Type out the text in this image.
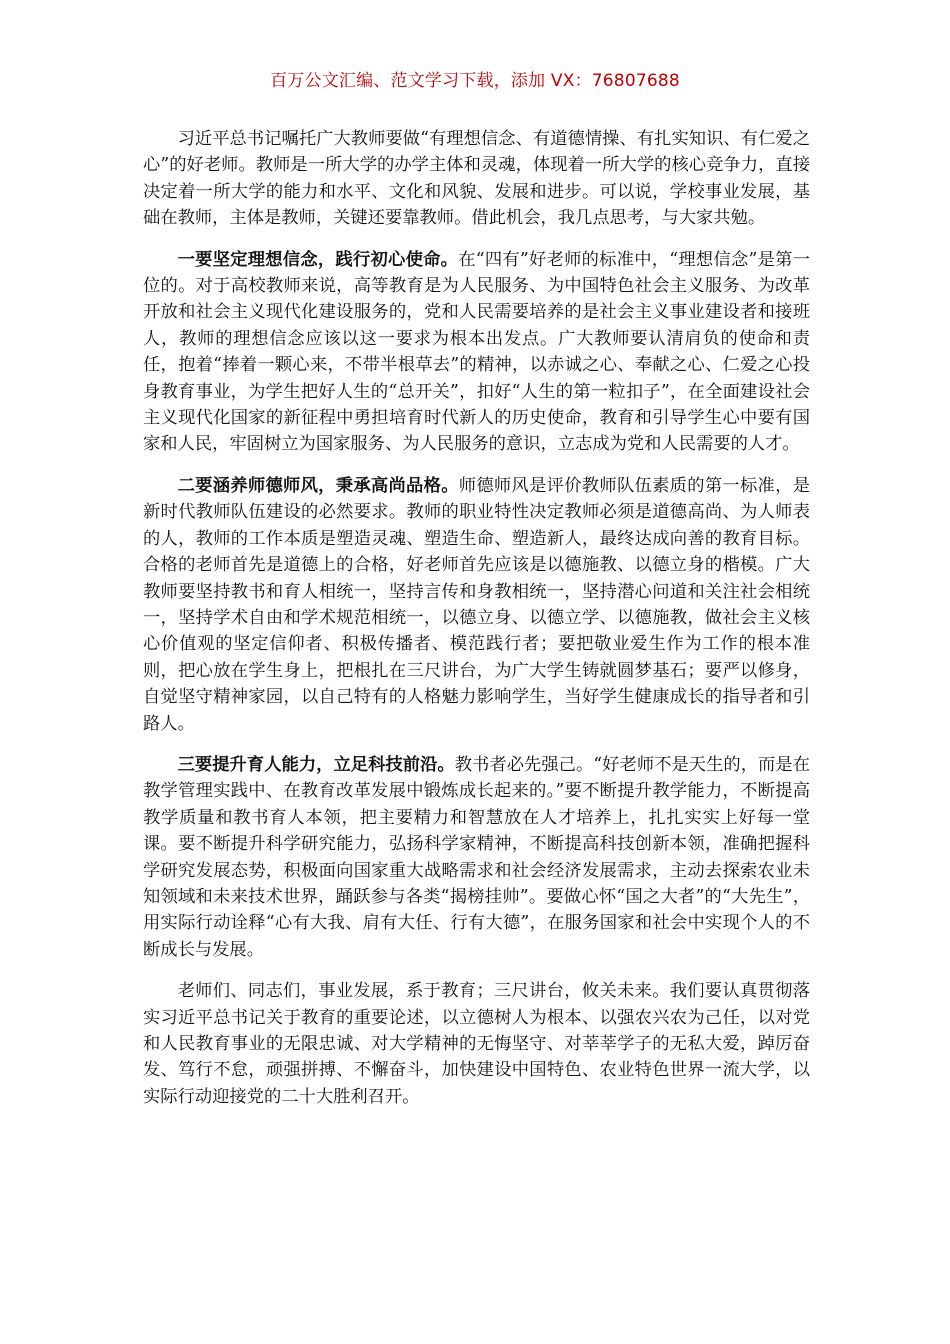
百万公文汇编、范文学习下载，添加 VX：76807688

习近平总书记嘱托广大教师要做“有理想信念、有道德情操、有扎实知识、有仁爱之心”的好老师。教师是一所大学的办学主体和灵魂，体现着一所大学的核心竞争力，直接决定着一所大学的能力和水平、文化和风貌、发展和进步。可以说，学校事业发展，基础在教师，主体是教师，关键还要靠教师。借此机会，我几点思考，与大家共勉。

一要坚定理想信念，践行初心使命。在“四有”好老师的标准中，“理想信念”是第一位的。对于高校教师来说，高等教育是为人民服务、为中国特色社会主义服务、为改革开放和社会主义现代化建设服务的，党和人民需要培养的是社会主义事业建设者和接班人，教师的理想信念应该以这一要求为根本出发点。广大教师要认清肩负的使命和责任，抱着“捧着一颗心来，不带半根草去”的精神，以赤诚之心、奉献之心、仁爱之心投身教育事业，为学生把好人生的“总开关”，扣好“人生的第一粒扣子”，在全面建设社会主义现代化国家的新征程中勇担培育时代新人的历史使命，教育和引导学生心中要有国家和人民，牢固树立为国家服务、为人民服务的意识，立志成为党和人民需要的人才。

二要涵养师德师风，秉承高尚品格。师德师风是评价教师队伍素质的第一标准，是新时代教师队伍建设的必然要求。教师的职业特性决定教师必须是道德高尚、为人师表的人，教师的工作本质是塑造灵魂、塑造生命、塑造新人，最终达成向善的教育目标。合格的老师首先是道德上的合格，好老师首先应该是以德施教、以德立身的楷模。广大教师要坚持教书和育人相统一，坚持言传和身教相统一，坚持潜心问道和关注社会相统一，坚持学术自由和学术规范相统一，以德立身、以德立学、以德施教，做社会主义核心价值观的坚定信仰者、积极传播者、模范践行者；要把敬业爱生作为工作的根本准则，把心放在学生身上，把根扎在三尺讲台，为广大学生铸就圆梦基石；要严以修身，自觉坚守精神家园，以自己特有的人格魅力影响学生，当好学生健康成长的指导者和引路人。

三要提升育人能力，立足科技前沿。教书者必先强己。“好老师不是天生的，而是在教学管理实践中、在教育改革发展中锻炼成长起来的。”要不断提升教学能力，不断提高教学质量和教书育人本领，把主要精力和智慧放在人才培养上，扎扎实实上好每一堂课。要不断提升科学研究能力，弘扬科学家精神，不断提高科技创新本领，准确把握科学研究发展态势，积极面向国家重大战略需求和社会经济发展需求，主动去探索农业未知领域和未来技术世界，踊跃参与各类“揭榜挂帅”。要做心怀“国之大者”的“大先生”，用实际行动诠释“心有大我、肩有大任、行有大德”，在服务国家和社会中实现个人的不断成长与发展。

老师们、同志们，事业发展，系于教育；三尺讲台，攸关未来。我们要认真贯彻落实习近平总书记关于教育的重要论述，以立德树人为根本、以强农兴农为己任，以对党和人民教育事业的无限忠诚、对大学精神的无悔坚守、对莘莘学子的无私大爱，踔厉奋发、笃行不怠，顽强拼搏、不懈奋斗，加快建设中国特色、农业特色世界一流大学，以实际行动迎接党的二十大胜利召开。
